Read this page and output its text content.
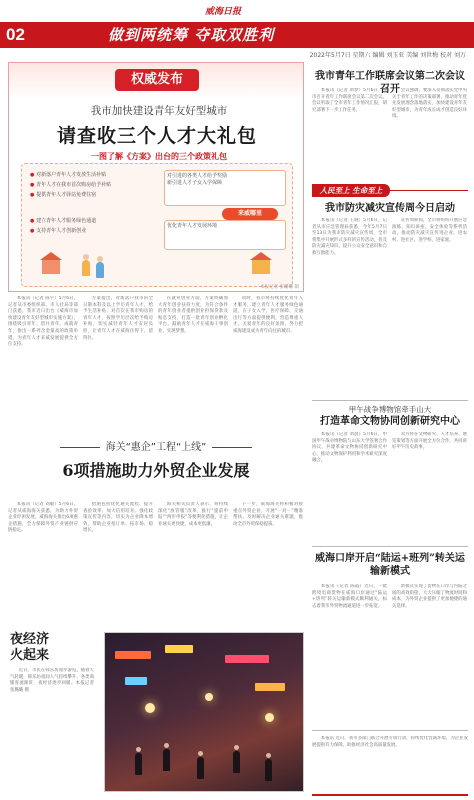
威海日报
02	做到两统筹 夺取双胜利
2022年5月7日 星期六 编辑 刘玉亚 美编 刘世梅 校对 刘万
权威发布
我市加快建设青年友好型城市
请查收三个人才大礼包
一图了解《方案》出台的三个政策礼包
● 对新落户青年人才发放生活补贴
● 青年人才在我市首次购房给予补贴
● 提供青年人才驿站免费住宿
对引进的各类人才给予奖励
新引进人才子女入学保障
● 建立青年人才服务绿色通道
● 支持青年人才创新创业
优化青年人才发展环境
来威哪里
本报记者 张璐璐 制

本报讯（记者 陈宇）5月6日，记者从市委组织部、市人社局等部门获悉，我市近日出台《威海市加快建设青年友好型城市实施方案》，围绕吸引青年、留住青年、成就青年，推出一系列含金量高的政策举措，为青年人才来威发展提供全方位支持。

方案提出，对新落户我市的全日制本科及以上学历青年人才，给予生活补贴；对首次在我市购房的青年人才，按照学历层次给予购房补贴，切实减轻青年人才安居负担，让青年人才在威海住得下、留得住。

在就业创业方面，方案明确加大青年创业扶持力度，为符合条件的青年创业者提供创业担保贷款及贴息支持，打造一批青年创业孵化平台，鼓励青年人才在威海干事创业、实现梦想。

同时，我市将持续优化青年人才服务，建立青年人才服务绿色通道，在子女入学、医疗保障、交通出行等方面提供便利，营造尊重人才、关爱青年的良好氛围，努力把威海建设成为青年向往的城市。

海关“惠企”工程“上线”
6项措施助力外贸企业发展

本报讯（记者 刘敏）5月6日，记者从威海海关获悉，为助力外贸企业纾困发展，威海海关推出6项惠企措施，全力保障外贸产业链供应链稳定。

措施包括优化通关流程、提升查验效率、加大信用培育、强化政策宣传等内容，切实为企业降本增效，帮助企业抢订单、拓市场、稳增长。

海关相关负责人表示，将持续深化“放管服”改革，推行“提前申报”“两步申报”等便利化措施，让企业通关更快捷、成本更低廉。

下一步，威海海关将积极对接重点外贸企业，开展“一对一”精准帮扶，及时解决企业通关难题，推动全市外贸保稳提质。

夜经济
火起来

近日，市民在韩乐坊漫步游览。随着天气转暖，韩乐坊夜间人气持续攀升，各类商铺客流渐旺，夜经济逐步回暖。本报记者 张璐璐 摄

我市青年工作联席会议第二次会议召开

本报讯（记者 刘梦）5月6日，我市召开青年工作联席会议第二次会议。会议听取了全市青年工作情况汇报，研究部署下一步工作任务。

会议强调，要深入贯彻落实党中央关于青年工作的决策部署，推动青年优先发展理念落地落实，加快建设青年友好型城市，为青年成长成才创造良好环境。

人民至上 生命至上
我市防灾减灾宣传周今日启动

本报讯（记者 王晓）5月6日，记者从市应急管理局获悉，今年5月7日至13日为我市防灾减灾宣传周，全市将集中开展形式多样的宣传活动，普及防灾减灾知识，提升公众安全意识和自救互救能力。

宣传周期间，全市将组织开展应急演练、知识讲座、安全体验等系列活动，推动防灾减灾宣传进企业、进农村、进社区、进学校、进家庭。

甲午战争博物馆牵手山大
打造革命文物协同创新研究中心

本报讯（记者 刘晨）5月6日，中国甲午战争博物院与山东大学签署合作协议，共建革命文物协同创新研究中心，推动文物保护利用和学术研究深度融合。

双方将在文物研究、人才培养、展览策划等方面开展全方位合作，共同讲好甲午历史故事。

威海口岸开启“陆运+班列”转关运输新模式

本报讯（记者 陈霞）近日，一批跨境电商货物在威海口岸通过“陆运+班列”转关运输新模式顺利通关，标志着我市外贸物流通道进一步拓宽。

新模式实现了货物在口岸与内陆之间的高效衔接，大大压缩了物流时间和成本，为外贸企业提供了更加便捷的通关选择。

本报讯 近日，我市多部门联合开展专项行动，持续优化营商环境，为企业发展提供有力保障，助推经济社会高质量发展。
